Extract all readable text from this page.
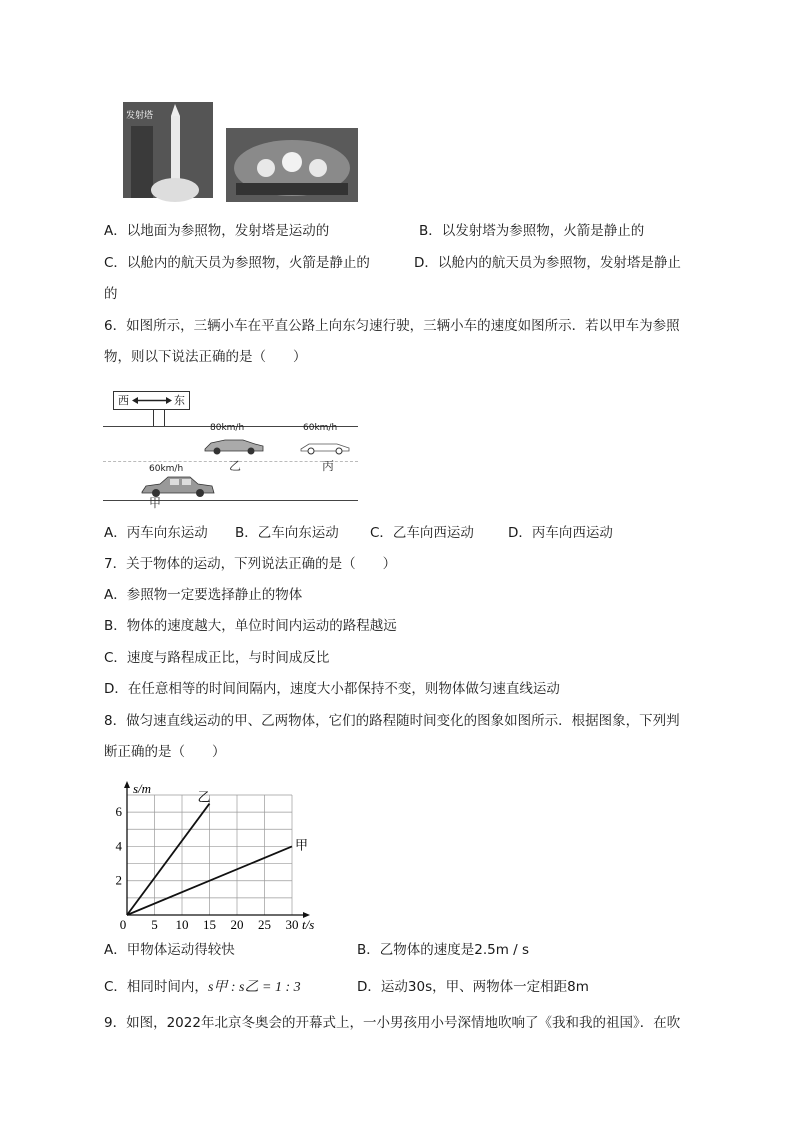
发射塔
A．以地面为参照物，发射塔是运动的	B．以发射塔为参照物，火箭是静止的
C．以舱内的航天员为参照物，火箭是静止的	D．以舱内的航天员为参照物，发射塔是静止
的
6．如图所示，三辆小车在平直公路上向东匀速行驶，三辆小车的速度如图所示．若以甲车为参照
物，则以下说法正确的是（　　）
西	东
80km/h
乙
60km/h
丙
60km/h
甲
A．丙车向东运动 B．乙车向东运动 C．乙车向西运动	D．丙车向西运动
7．关于物体的运动，下列说法正确的是（　　）
A．参照物一定要选择静止的物体
B．物体的速度越大，单位时间内运动的路程越远
C．速度与路程成正比，与时间成反比
D．在任意相等的时间间隔内，速度大小都保持不变，则物体做匀速直线运动
8．做匀速直线运动的甲、乙两物体，它们的路程随时间变化的图象如图所示．根据图象，下列判
断正确的是（　　）
0 5 10 15 20 25 30
2
4
6
t/s
s/m
乙
甲
A．甲物体运动得较快	B．乙物体的速度是2.5m / s
C．相同时间内，s甲 : s乙 = 1 : 3	D．运动30s，甲、两物体一定相距8m
9．如图，2022年北京冬奥会的开幕式上，一小男孩用小号深情地吹响了《我和我的祖国》．在吹
